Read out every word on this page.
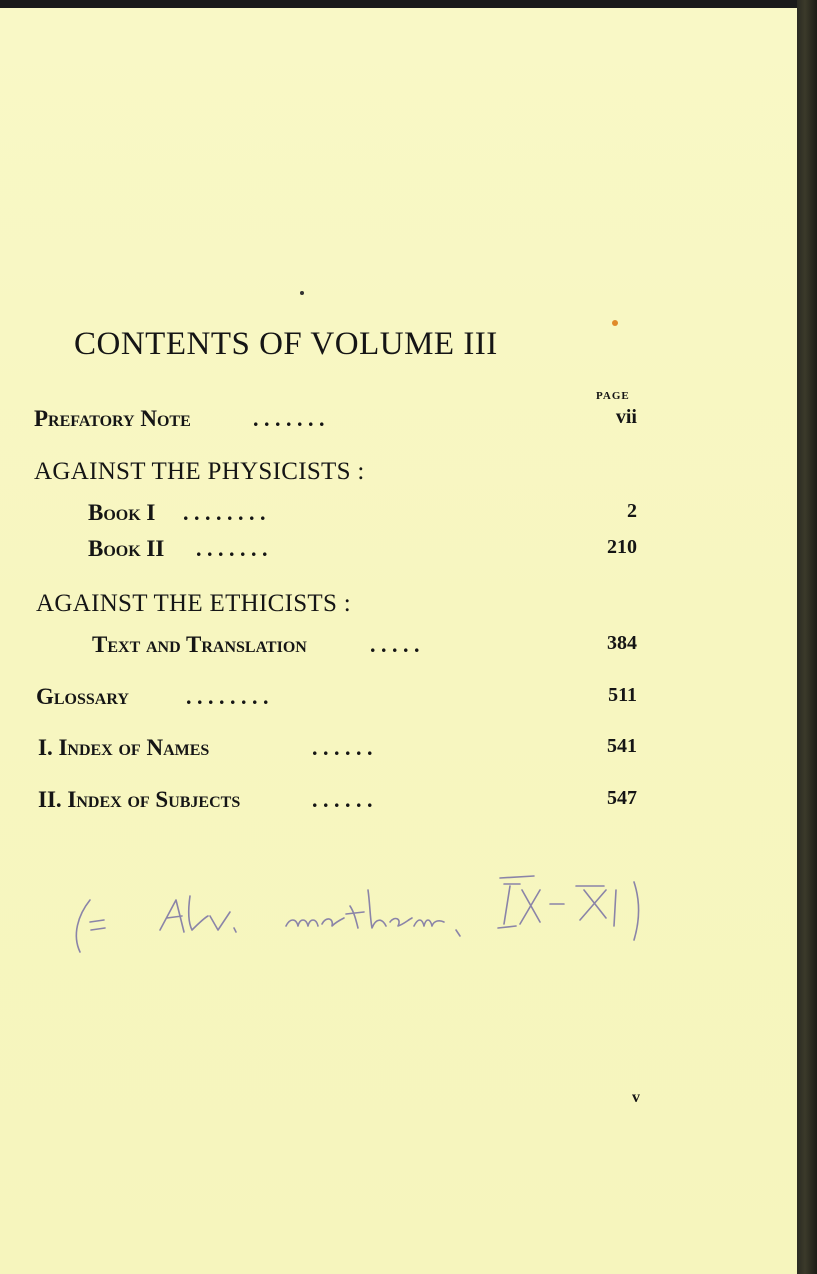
CONTENTS OF VOLUME III
PAGE
Prefatory Note	. . . . . . .	vii
AGAINST THE PHYSICISTS :
Book I . . . . . . . .	2
Book II . . . . . . .	210
AGAINST THE ETHICISTS :
Text and Translation	. . . . .	384
Glossary	. . . . . . . .	511
I. Index of Names	. . . . . .	541
II. Index of Subjects	. . . . . .	547
v
